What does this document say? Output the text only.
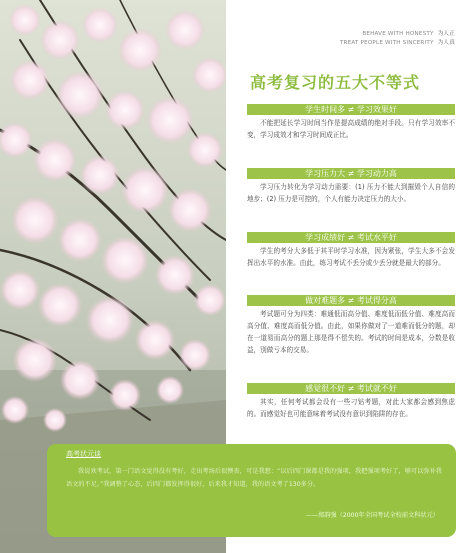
BEHAVE WITH HONESTY 为人正
TREAT PEOPLE WITH SINCERITY 为人真
高考复习的五大不等式
学生时间多 ≠ 学习效果好
不能把延长学习时间当作是提高成绩的绝对手段。只有学习效率不变，学习成效才和学习时间成正比。
学习压力大 ≠ 学习动力高
学习压力转化为学习动力需要：(1) 压力不能大到摧毁个人自信的地步；(2) 压力是可控的，个人有能力决定压力的大小。
学习成绩好 ≠ 考试水平好
学生的考分大多低于其平时学习水准，因为紧张，学生大多不会发挥出水平的水准。由此，练习考试不丢分或少丢分就是最大的部分。
做对难题多 ≠ 考试得分高
考试题可分为四类：难通低而高分值、难度低而低分值、难度高而高分值、难度高而低分值。由此，如果你做对了一道难而低分的题，却在一道易而高分的题上那是得不偿失的。考试的时间是成本，分数是收益，别做亏本的交易。
感觉很不好 ≠ 考试就不好
其实，任何考试都会设有一些刁钻考题，对此大家都会感到焦虑的。而感觉好也可能意味着考试没有意识到陷阱的存在。
高考状元谈
我说欢考试，第一门语文觉得没有考好，走出考场后很懊丧，可是我想：“以后四门课都是我的强项，我把强项考好了，够可以弥补我语文的不足。”我调整了心态，后四门都发挥得很好，后来我才知道，我的语文考了130多分。
——郑韵强（2000年全国考试全校前文科状元）
